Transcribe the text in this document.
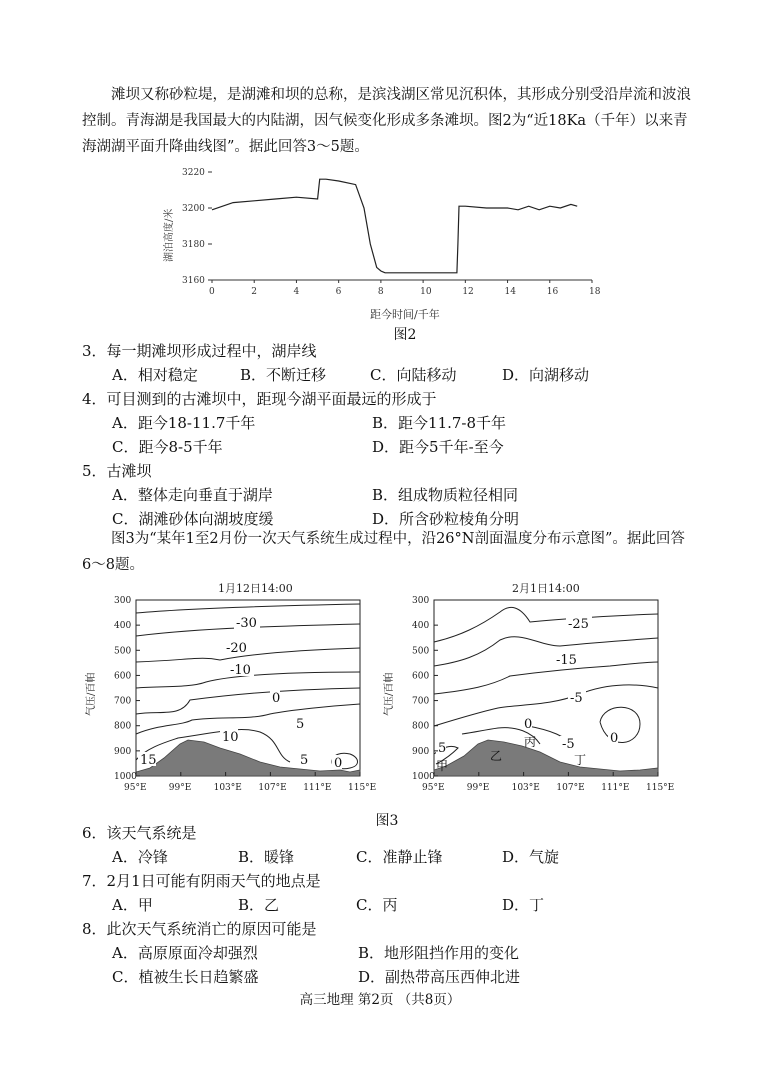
滩坝又称砂粒堤，是湖滩和坝的总称，是滨浅湖区常见沉积体，其形成分别受沿岸流和波浪控制。青海湖是我国最大的内陆湖，因气候变化形成多条滩坝。图2为“近18Ka（千年）以来青海湖湖平面升降曲线图”。据此回答3～5题。
3220
3200
3180
3160
0	2	4	6	8	10	12	14	16	18
湖泊高度/米
距今时间/千年
图2
3．每一期滩坝形成过程中，湖岸线
A．相对稳定	B．不断迁移	C．向陆移动	D．向湖移动
4．可目测到的古滩坝中，距现今湖平面最远的形成于
A．距今18-11.7千年	B．距今11.7-8千年
C．距今8-5千年	D．距今5千年-至今
5．古滩坝
A．整体走向垂直于湖岸	B．组成物质粒径相同
C．湖滩砂体向湖坡度缓	D．所含砂粒棱角分明
图3为“某年1至2月份一次天气系统生成过程中，沿26°N剖面温度分布示意图”。据此回答6～8题。
1月12日14:00
-30
-20
-10
0
5
10
15	5 0
300
400
500
600
700
800
900
1000
95°E 99°E 103°E 107°E 111°E 115°E
气压/百帕
2月1日14:00
-25
-15
-5
0
5	-5	0
甲
乙
丙
丁
300
400
500
600
700
800
900
1000
95°E 99°E 103°E 107°E 111°E 115°E
气压/百帕
图3
6．该天气系统是
A．冷锋	B．暖锋	C．准静止锋	D．气旋
7．2月1日可能有阴雨天气的地点是
A．甲	B．乙	C．丙	D．丁
8．此次天气系统消亡的原因可能是
A．高原原面冷却强烈	B．地形阻挡作用的变化
C．植被生长日趋繁盛	D．副热带高压西伸北进
高三地理 第2页 （共8页）
